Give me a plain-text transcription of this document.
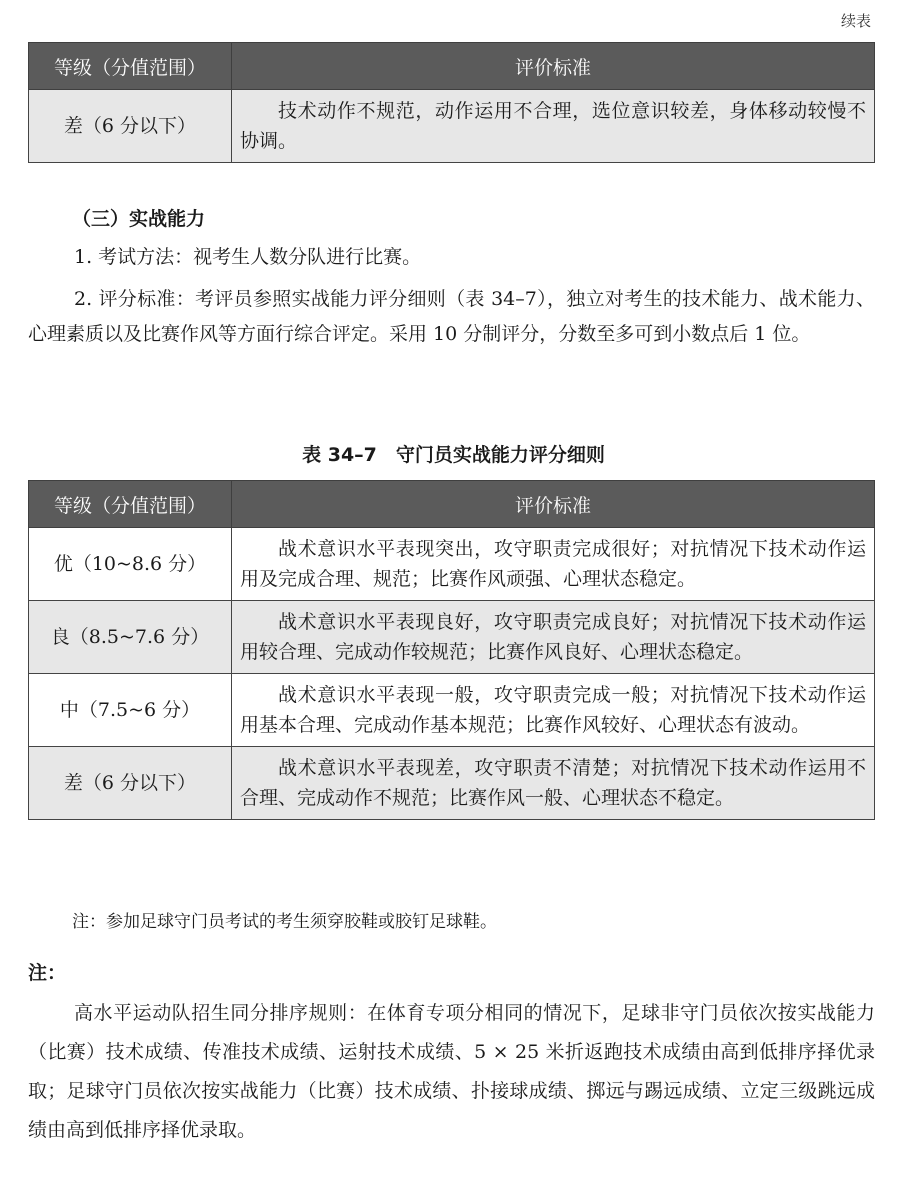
续表
等级（分值范围）	评价标准
差（6 分以下）	技术动作不规范，动作运用不合理，选位意识较差，身体移动较慢不协调。
（三）实战能力

1. 考试方法：视考生人数分队进行比赛。

2. 评分标准：考评员参照实战能力评分细则（表 34–7），独立对考生的技术能力、战术能力、心理素质以及比赛作风等方面行综合评定。采用 10 分制评分，分数至多可到小数点后 1 位。

表 34–7　守门员实战能力评分细则
等级（分值范围）	评价标准
优（10~8.6 分）	战术意识水平表现突出，攻守职责完成很好；对抗情况下技术动作运用及完成合理、规范；比赛作风顽强、心理状态稳定。
良（8.5~7.6 分）	战术意识水平表现良好，攻守职责完成良好；对抗情况下技术动作运用较合理、完成动作较规范；比赛作风良好、心理状态稳定。
中（7.5~6 分）	战术意识水平表现一般，攻守职责完成一般；对抗情况下技术动作运用基本合理、完成动作基本规范；比赛作风较好、心理状态有波动。
差（6 分以下）	战术意识水平表现差，攻守职责不清楚；对抗情况下技术动作运用不合理、完成动作不规范；比赛作风一般、心理状态不稳定。
注：参加足球守门员考试的考生须穿胶鞋或胶钉足球鞋。
注：

高水平运动队招生同分排序规则：在体育专项分相同的情况下，足球非守门员依次按实战能力（比赛）技术成绩、传准技术成绩、运射技术成绩、5 × 25 米折返跑技术成绩由高到低排序择优录取；足球守门员依次按实战能力（比赛）技术成绩、扑接球成绩、掷远与踢远成绩、立定三级跳远成绩由高到低排序择优录取。
